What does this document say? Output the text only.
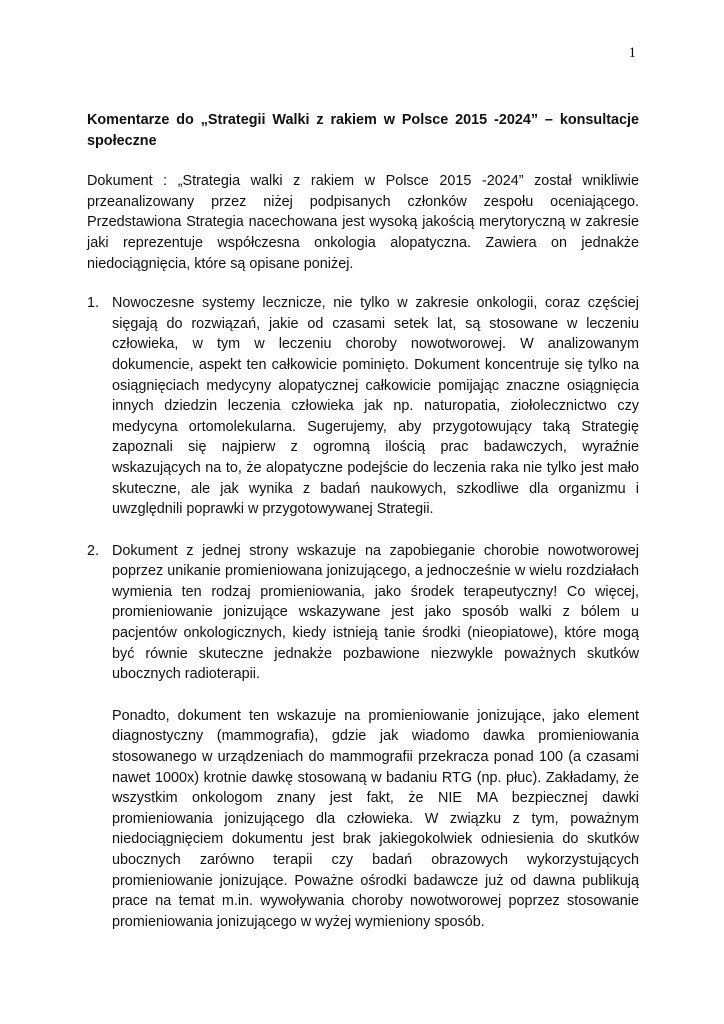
1

Komentarze do „Strategii Walki z rakiem w Polsce 2015 -2024” – konsultacje społeczne

Dokument : „Strategia walki z rakiem w Polsce 2015 -2024” został wnikliwie przeanalizowany przez niżej podpisanych członków zespołu oceniającego. Przedstawiona Strategia nacechowana jest wysoką jakością merytoryczną w zakresie jaki reprezentuje współczesna onkologia alopatyczna. Zawiera on jednakże niedociągnięcia, które są opisane poniżej.

1. Nowoczesne systemy lecznicze, nie tylko w zakresie onkologii, coraz częściej sięgają do rozwiązań, jakie od czasami setek lat, są stosowane w leczeniu człowieka, w tym w leczeniu choroby nowotworowej. W analizowanym dokumencie, aspekt ten całkowicie pominięto. Dokument koncentruje się tylko na osiągnięciach medycyny alopatycznej całkowicie pomijając znaczne osiągnięcia innych dziedzin leczenia człowieka jak np. naturopatia, ziołolecznictwo czy medycyna ortomolekularna. Sugerujemy, aby przygotowujący taką Strategię zapoznali się najpierw z ogromną ilością prac badawczych, wyraźnie wskazujących na to, że alopatyczne podejście do leczenia raka nie tylko jest mało skuteczne, ale jak wynika z badań naukowych, szkodliwe dla organizmu i uwzględnili poprawki w przygotowywanej Strategii.

2. Dokument z jednej strony wskazuje na zapobieganie chorobie nowotworowej poprzez unikanie promieniowana jonizującego, a jednocześnie w wielu rozdziałach wymienia ten rodzaj promieniowania, jako środek terapeutyczny! Co więcej, promieniowanie jonizujące wskazywane jest jako sposób walki z bólem u pacjentów onkologicznych, kiedy istnieją tanie środki (nieopiatowe), które mogą być równie skuteczne jednakże pozbawione niezwykle poważnych skutków ubocznych radioterapii.

Ponadto, dokument ten wskazuje na promieniowanie jonizujące, jako element diagnostyczny (mammografia), gdzie jak wiadomo dawka promieniowania stosowanego w urządzeniach do mammografii przekracza ponad 100 (a czasami nawet 1000x) krotnie dawkę stosowaną w badaniu RTG (np. płuc). Zakładamy, że wszystkim onkologom znany jest fakt, że NIE MA bezpiecznej dawki promieniowania jonizującego dla człowieka. W związku z tym, poważnym niedociągnięciem dokumentu jest brak jakiegokolwiek odniesienia do skutków ubocznych zarówno terapii czy badań obrazowych wykorzystujących promieniowanie jonizujące. Poważne ośrodki badawcze już od dawna publikują prace na temat m.in. wywoływania choroby nowotworowej poprzez stosowanie promieniowania jonizującego w wyżej wymieniony sposób.
